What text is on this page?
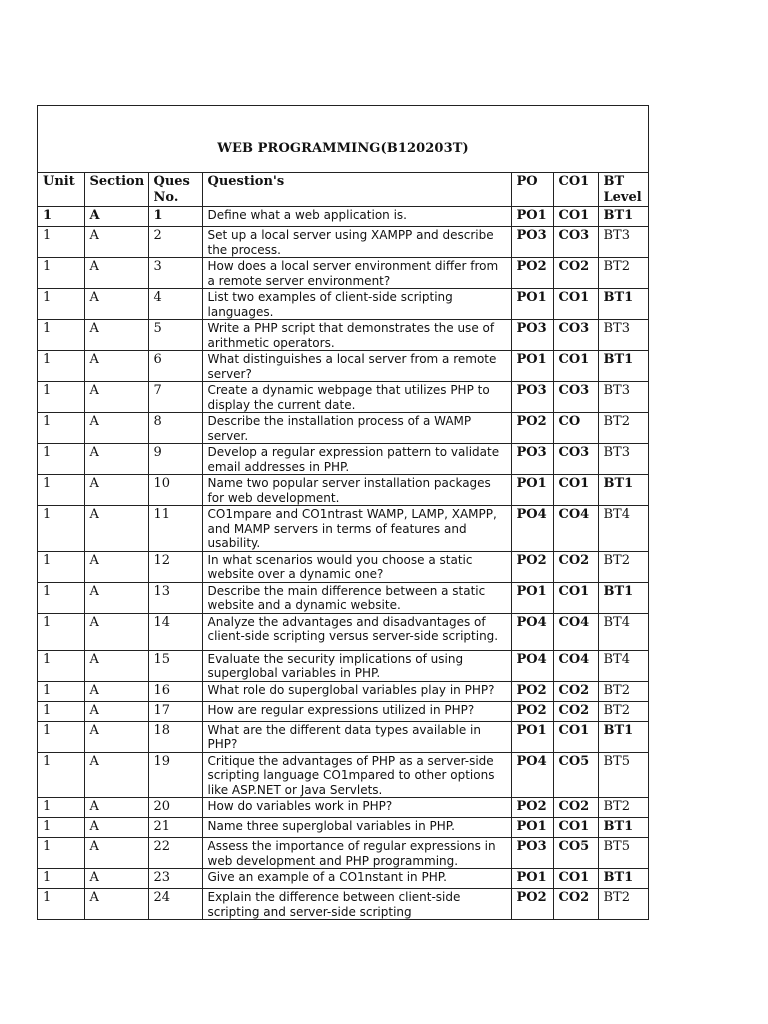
WEB PROGRAMMING(B120203T)
Unit	Section	Ques No.	Question's	PO	CO1	BT Level
1	A	1	Define what a web application is.	PO1	CO1	BT1
1	A	2	Set up a local server using XAMPP and describe the process.	PO3	CO3	BT3
1	A	3	How does a local server environment differ from a remote server environment?	PO2	CO2	BT2
1	A	4	List two examples of client-side scripting languages.	PO1	CO1	BT1
1	A	5	Write a PHP script that demonstrates the use of arithmetic operators.	PO3	CO3	BT3
1	A	6	What distinguishes a local server from a remote server?	PO1	CO1	BT1
1	A	7	Create a dynamic webpage that utilizes PHP to display the current date.	PO3	CO3	BT3
1	A	8	Describe the installation process of a WAMP server.	PO2	CO	BT2
1	A	9	Develop a regular expression pattern to validate email addresses in PHP.	PO3	CO3	BT3
1	A	10	Name two popular server installation packages for web development.	PO1	CO1	BT1
1	A	11	CO1mpare and CO1ntrast WAMP, LAMP, XAMPP, and MAMP servers in terms of features and usability.	PO4	CO4	BT4
1	A	12	In what scenarios would you choose a static website over a dynamic one?	PO2	CO2	BT2
1	A	13	Describe the main difference between a static website and a dynamic website.	PO1	CO1	BT1
1	A	14	Analyze the advantages and disadvantages of client-side scripting versus server-side scripting.	PO4	CO4	BT4
1	A	15	Evaluate the security implications of using superglobal variables in PHP.	PO4	CO4	BT4
1	A	16	What role do superglobal variables play in PHP?	PO2	CO2	BT2
1	A	17	How are regular expressions utilized in PHP?	PO2	CO2	BT2
1	A	18	What are the different data types available in PHP?	PO1	CO1	BT1
1	A	19	Critique the advantages of PHP as a server-side scripting language CO1mpared to other options like ASP.NET or Java Servlets.	PO4	CO5	BT5
1	A	20	How do variables work in PHP?	PO2	CO2	BT2
1	A	21	Name three superglobal variables in PHP.	PO1	CO1	BT1
1	A	22	Assess the importance of regular expressions in web development and PHP programming.	PO3	CO5	BT5
1	A	23	Give an example of a CO1nstant in PHP.	PO1	CO1	BT1
1	A	24	Explain the difference between client-side scripting and server-side scripting	PO2	CO2	BT2
